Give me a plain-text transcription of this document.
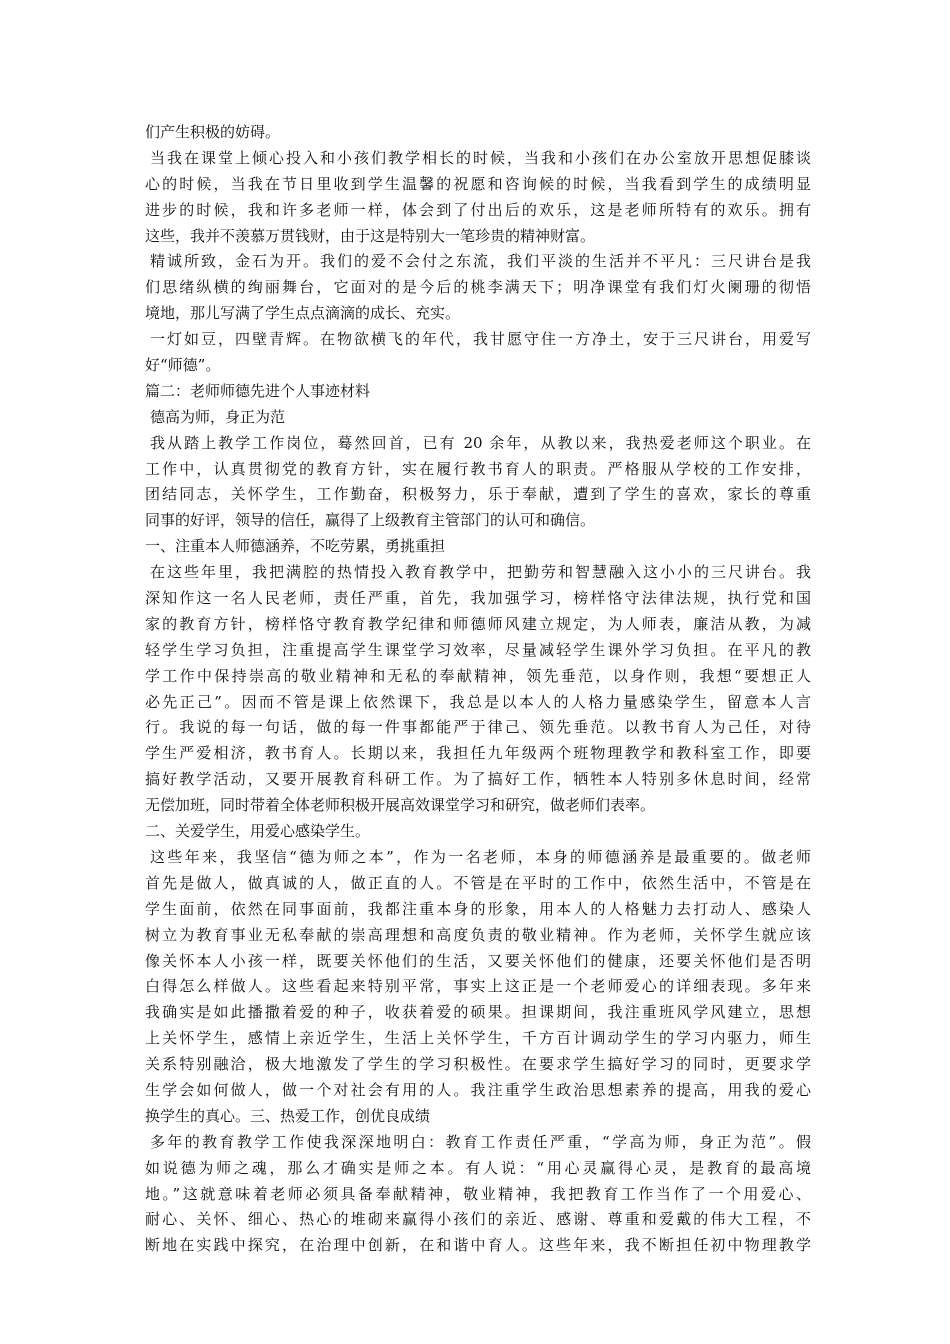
们产生积极的妨碍。
当我在课堂上倾心投入和小孩们教学相长的时候，当我和小孩们在办公室放开思想促膝谈
心的时候，当我在节日里收到学生温馨的祝愿和咨询候的时候，当我看到学生的成绩明显
进步的时候，我和许多老师一样，体会到了付出后的欢乐，这是老师所特有的欢乐。拥有
这些，我并不羡慕万贯钱财，由于这是特别大一笔珍贵的精神财富。
精诚所致，金石为开。我们的爱不会付之东流，我们平淡的生活并不平凡：三尺讲台是我
们思绪纵横的绚丽舞台，它面对的是今后的桃李满天下；明净课堂有我们灯火阑珊的彻悟
境地，那儿写满了学生点点滴滴的成长、充实。
一灯如豆，四壁青辉。在物欲横飞的年代，我甘愿守住一方净土，安于三尺讲台，用爱写
好“师德”。
篇二：老师师德先进个人事迹材料
德高为师，身正为范
我从踏上教学工作岗位，蓦然回首，已有 20 余年，从教以来，我热爱老师这个职业。在
工作中，认真贯彻党的教育方针，实在履行教书育人的职责。严格服从学校的工作安排，
团结同志，关怀学生，工作勤奋，积极努力，乐于奉献，遭到了学生的喜欢，家长的尊重
同事的好评，领导的信任，赢得了上级教育主管部门的认可和确信。
一、注重本人师德涵养，不吃劳累，勇挑重担
在这些年里，我把满腔的热情投入教育教学中，把勤劳和智慧融入这小小的三尺讲台。我
深知作这一名人民老师，责任严重，首先，我加强学习，榜样恪守法律法规，执行党和国
家的教育方针，榜样恪守教育教学纪律和师德师风建立规定，为人师表，廉洁从教，为减
轻学生学习负担，注重提高学生课堂学习效率，尽量减轻学生课外学习负担。在平凡的教
学工作中保持崇高的敬业精神和无私的奉献精神，领先垂范，以身作则，我想“要想正人
必先正己”。因而不管是课上依然课下，我总是以本人的人格力量感染学生，留意本人言
行。我说的每一句话，做的每一件事都能严于律己、领先垂范。以教书育人为己任，对待
学生严爱相济，教书育人。长期以来，我担任九年级两个班物理教学和教科室工作，即要
搞好教学活动，又要开展教育科研工作。为了搞好工作，牺牲本人特别多休息时间，经常
无偿加班，同时带着全体老师积极开展高效课堂学习和研究，做老师们表率。
二、关爱学生，用爱心感染学生。
这些年来，我坚信“德为师之本”，作为一名老师，本身的师德涵养是最重要的。做老师
首先是做人，做真诚的人，做正直的人。不管是在平时的工作中，依然生活中，不管是在
学生面前，依然在同事面前，我都注重本身的形象，用本人的人格魅力去打动人、感染人
树立为教育事业无私奉献的崇高理想和高度负责的敬业精神。作为老师，关怀学生就应该
像关怀本人小孩一样，既要关怀他们的生活，又要关怀他们的健康，还要关怀他们是否明
白得怎么样做人。这些看起来特别平常，事实上这正是一个老师爱心的详细表现。多年来
我确实是如此播撒着爱的种子，收获着爱的硕果。担课期间，我注重班风学风建立，思想
上关怀学生，感情上亲近学生，生活上关怀学生，千方百计调动学生的学习内驱力，师生
关系特别融洽，极大地激发了学生的学习积极性。在要求学生搞好学习的同时，更要求学
生学会如何做人，做一个对社会有用的人。我注重学生政治思想素养的提高，用我的爱心
换学生的真心。三、热爱工作，创优良成绩
多年的教育教学工作使我深深地明白：教育工作责任严重，“学高为师，身正为范”。假
如说德为师之魂，那么才确实是师之本。有人说：“用心灵赢得心灵，是教育的最高境
地。”这就意味着老师必须具备奉献精神，敬业精神，我把教育工作当作了一个用爱心、
耐心、关怀、细心、热心的堆砌来赢得小孩们的亲近、感谢、尊重和爱戴的伟大工程，不
断地在实践中探究，在治理中创新，在和谐中育人。这些年来，我不断担任初中物理教学
